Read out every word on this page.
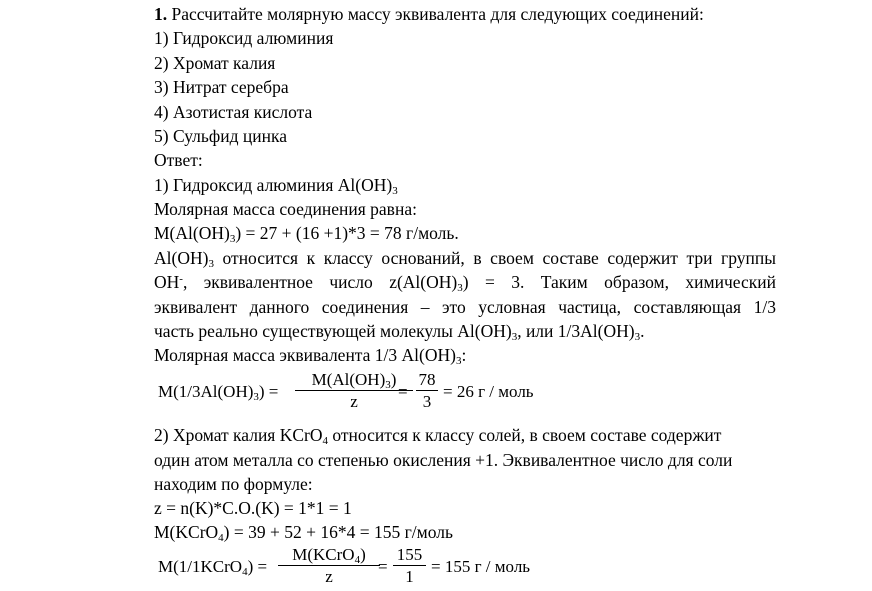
1. Рассчитайте молярную массу эквивалента для следующих соединений:
1) Гидроксид алюминия
2) Хромат калия
3) Нитрат серебра
4) Азотистая кислота
5) Сульфид цинка
Ответ:
1) Гидроксид алюминия $Al(OH)_3$
Молярная масса соединения равна:
$M(Al(OH)_3) = 27 + (16 +1)*3 = 78$ г/моль.
$Al(OH)_3$ относится к классу оснований, в своем составе содержит три группы
OH-, эквивалентное число $z(Al(OH)_3) = 3$. Таким образом, химический
эквивалент данного соединения – это условная частица, составляющая 1/3
часть реально существующей молекулы $Al(OH)_3$, или $1/3Al(OH)_3$.
Молярная масса эквивалента 1/3 $Al(OH)_3$:
$M(1/3Al(OH)_3)$ =
$M(Al(OH)_3)$
z
=
78
3
= 26 г / моль
2) Хромат калия KCrO$_4$ относится к классу солей, в своем составе содержит
один атом металла со степенью окисления +1. Эквивалентное число для соли
находим по формуле:
z = n(K)*С.О.(K) = 1*1 = 1
M(KCrO$_4$) = 39 + 52 + 16*4 = 155 г/моль
M(1/1KCrO$_4$) =
M(KCrO$_4$)
z
=
155
1
= 155 г / моль
